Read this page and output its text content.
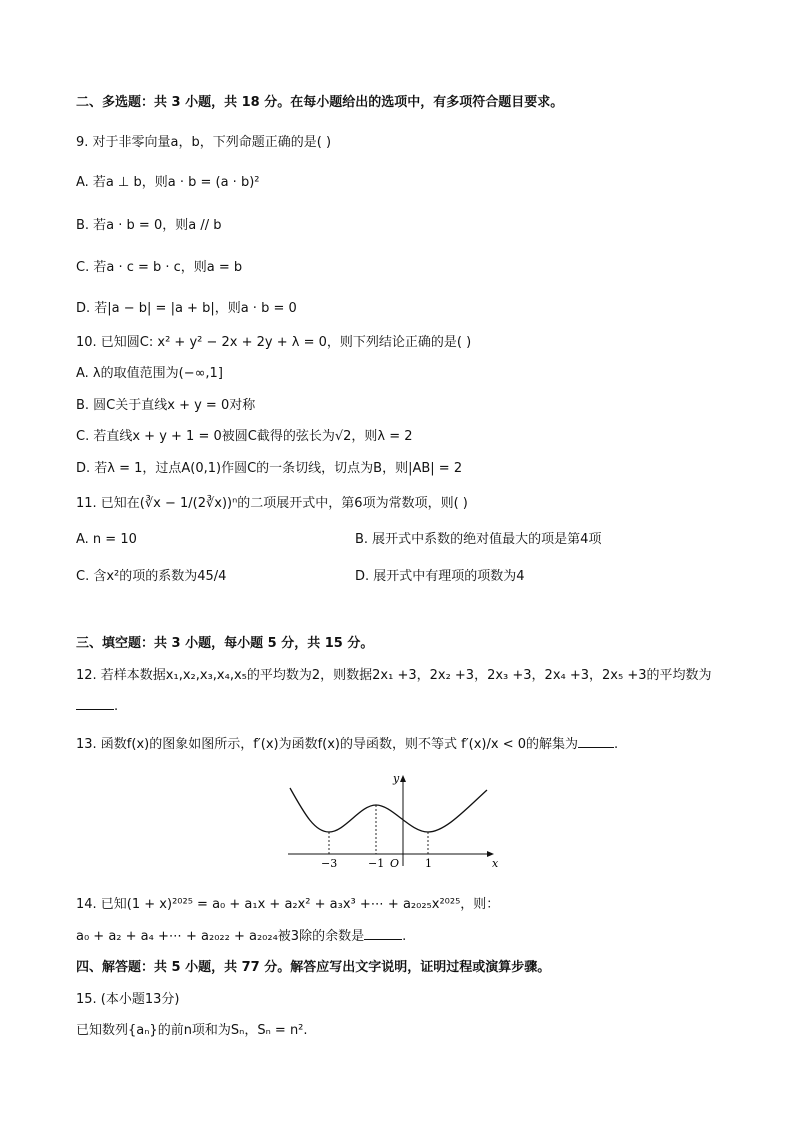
二、多选题：共 3 小题，共 18 分。在每小题给出的选项中，有多项符合题目要求。
9. 对于非零向量a，b，下列命题正确的是( )
A. 若a ⊥ b，则a · b = (a · b)²
B. 若a · b = 0，则a // b
C. 若a · c = b · c，则a = b
D. 若|a − b| = |a + b|，则a · b = 0
10. 已知圆C: x² + y² − 2x + 2y + λ = 0，则下列结论正确的是( )
A. λ的取值范围为(−∞,1]
B. 圆C关于直线x + y = 0对称
C. 若直线x + y + 1 = 0被圆C截得的弦长为√2，则λ = 2
D. 若λ = 1，过点A(0,1)作圆C的一条切线，切点为B，则|AB| = 2
11. 已知在(∛x − 1/(2∛x))ⁿ的二项展开式中，第6项为常数项，则( )
A. n = 10	B. 展开式中系数的绝对值最大的项是第4项
C. 含x²的项的系数为45/4	D. 展开式中有理项的项数为4
三、填空题：共 3 小题，每小题 5 分，共 15 分。
12. 若样本数据x₁,x₂,x₃,x₄,x₅的平均数为2，则数据2x₁ +3，2x₂ +3，2x₃ +3，2x₄ +3，2x₅ +3的平均数为
.
13. 函数f(x)的图象如图所示，f′(x)为函数f(x)的导函数，则不等式 f′(x)/x < 0的解集为	.
−3	−1 O 1	x
y
14. 已知(1 + x)²⁰²⁵ = a₀ + a₁x + a₂x² + a₃x³ +⋯ + a₂₀₂₅x²⁰²⁵，则：
a₀ + a₂ + a₄ +⋯ + a₂₀₂₂ + a₂₀₂₄被3除的余数是	.
四、解答题：共 5 小题，共 77 分。解答应写出文字说明，证明过程或演算步骤。
15. (本小题13分)
已知数列{aₙ}的前n项和为Sₙ，Sₙ = n².
